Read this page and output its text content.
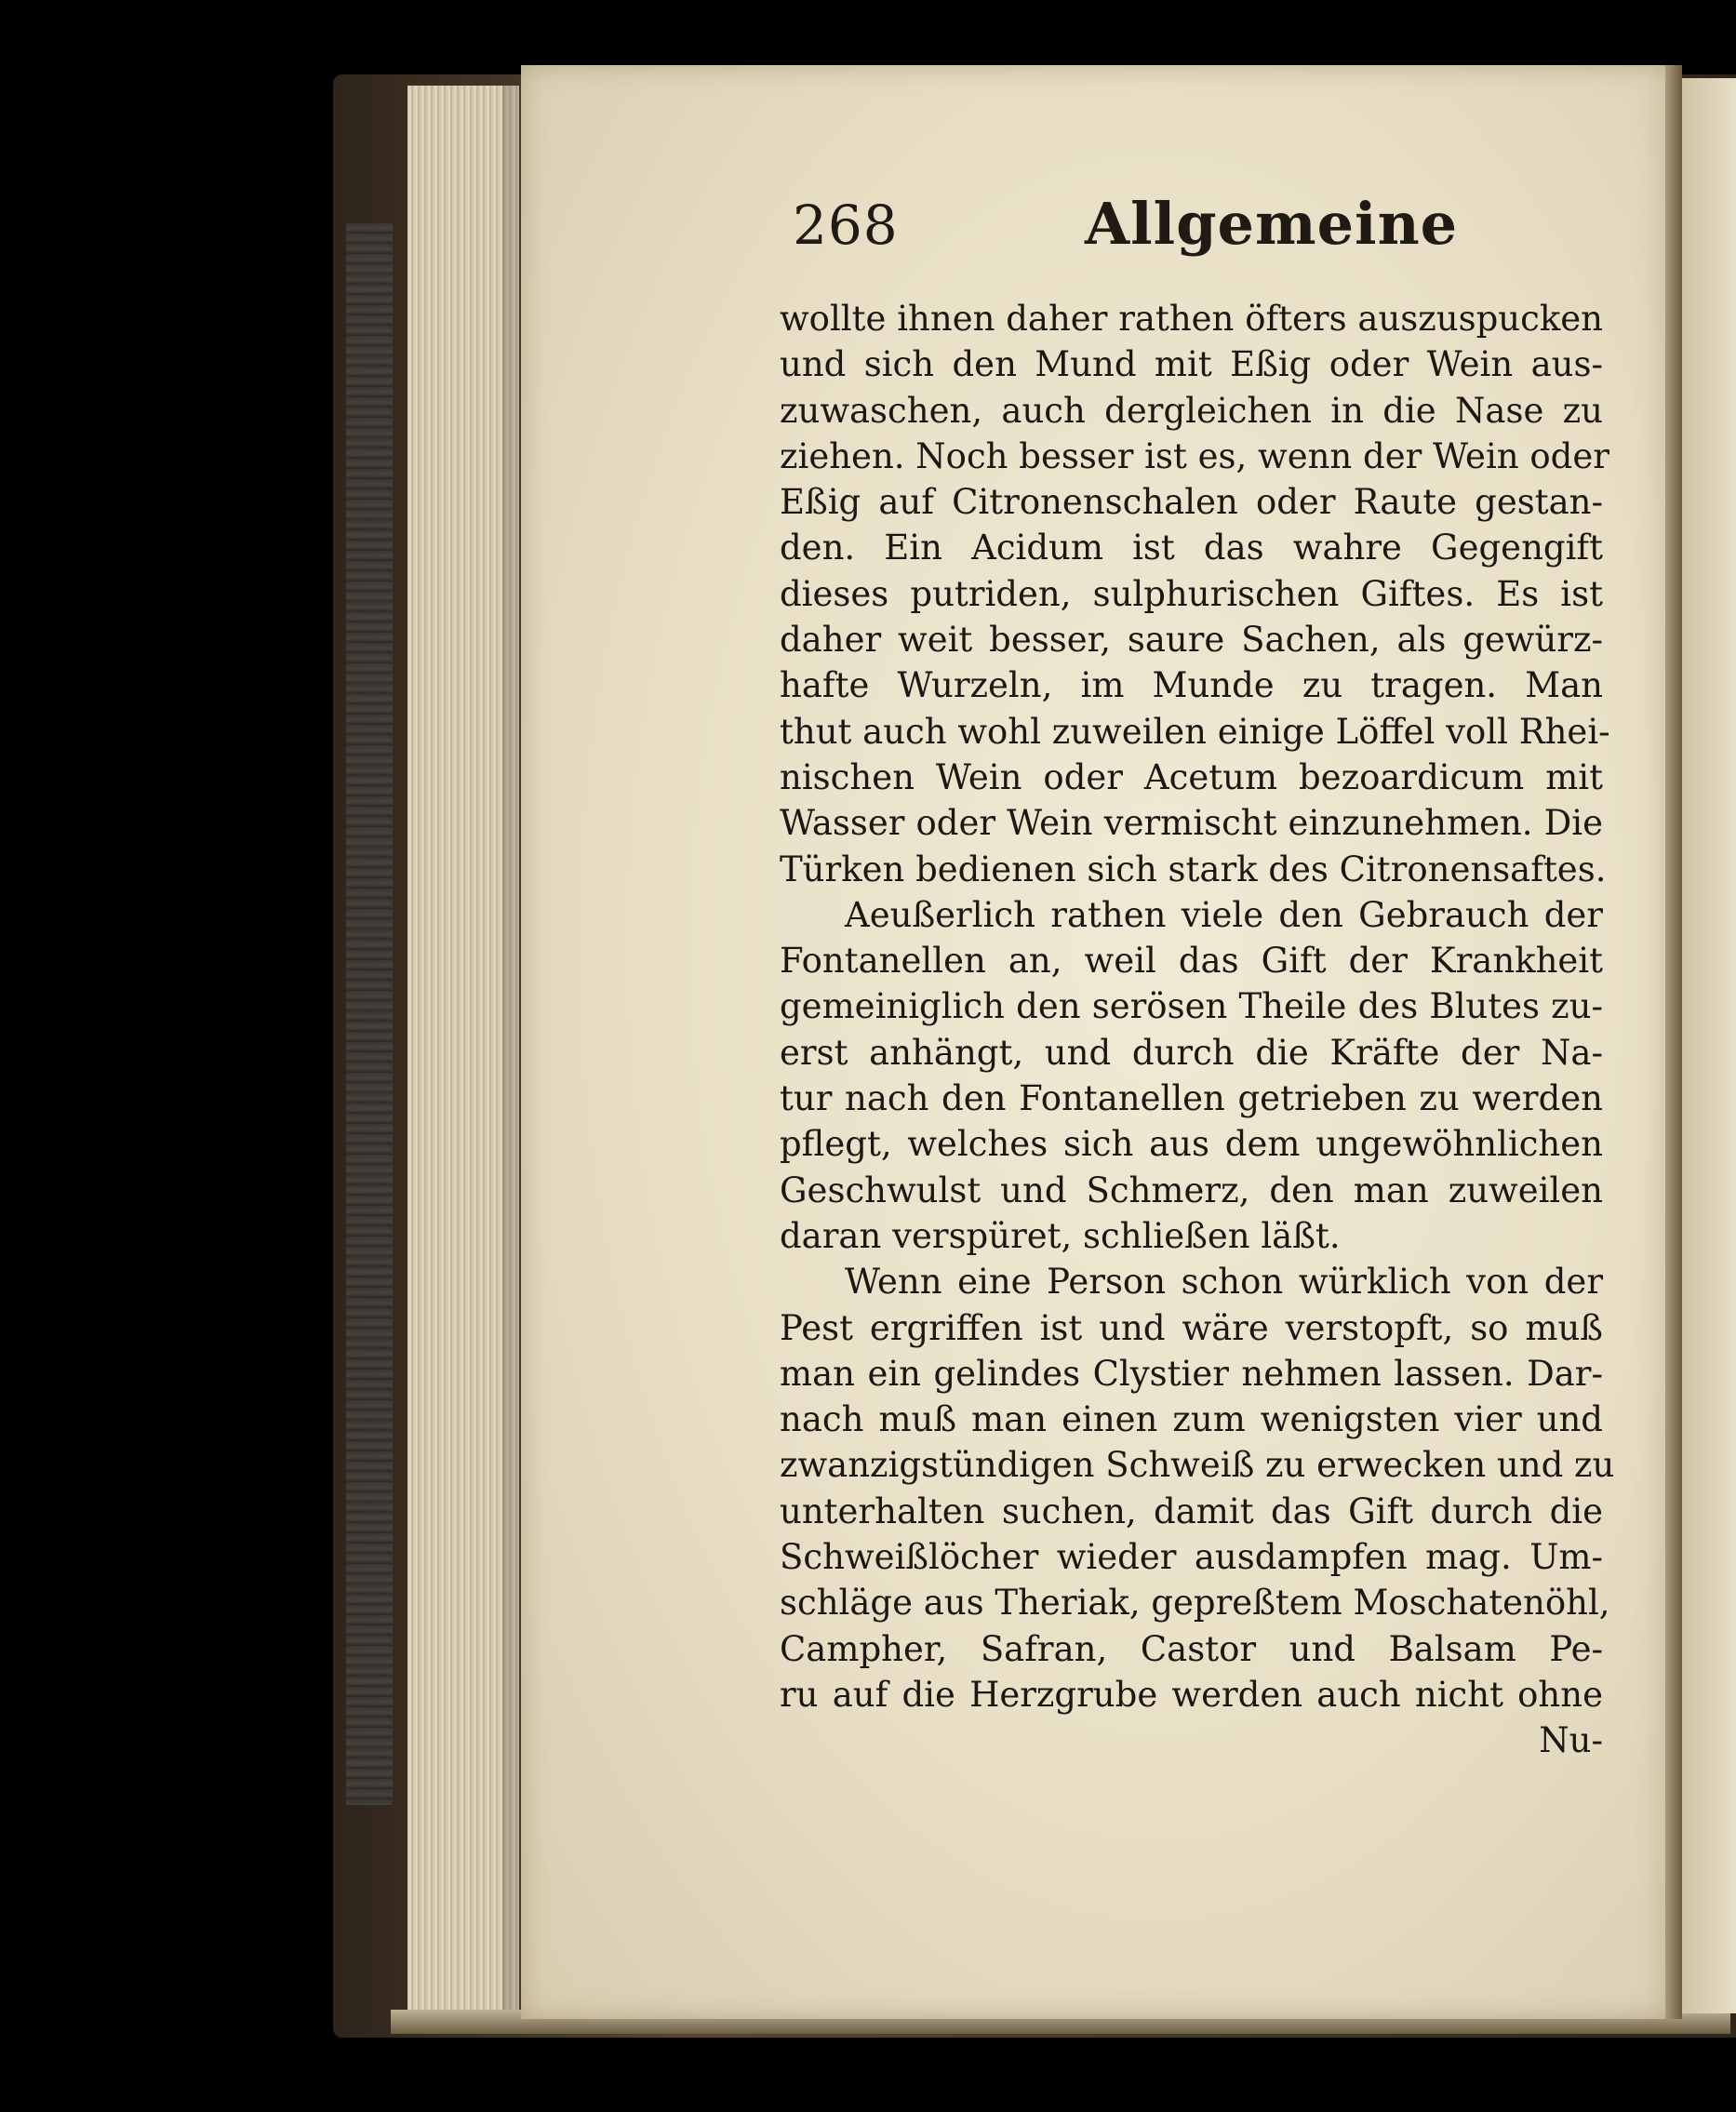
268	Allgemeine
wollte ihnen daher rathen öfters auszuspucken
und sich den Mund mit Eßig oder Wein aus-
zuwaschen, auch dergleichen in die Nase zu
ziehen. Noch besser ist es, wenn der Wein oder
Eßig auf Citronenschalen oder Raute gestan-
den. Ein Acidum ist das wahre Gegengift
dieses putriden, sulphurischen Giftes. Es ist
daher weit besser, saure Sachen, als gewürz-
hafte Wurzeln, im Munde zu tragen. Man
thut auch wohl zuweilen einige Löffel voll Rhei-
nischen Wein oder Acetum bezoardicum mit
Wasser oder Wein vermischt einzunehmen. Die
Türken bedienen sich stark des Citronensaftes.
Aeußerlich rathen viele den Gebrauch der
Fontanellen an, weil das Gift der Krankheit
gemeiniglich den serösen Theile des Blutes zu-
erst anhängt, und durch die Kräfte der Na-
tur nach den Fontanellen getrieben zu werden
pflegt, welches sich aus dem ungewöhnlichen
Geschwulst und Schmerz, den man zuweilen
daran verspüret, schließen läßt.
Wenn eine Person schon würklich von der
Pest ergriffen ist und wäre verstopft, so muß
man ein gelindes Clystier nehmen lassen. Dar-
nach muß man einen zum wenigsten vier und
zwanzigstündigen Schweiß zu erwecken und zu
unterhalten suchen, damit das Gift durch die
Schweißlöcher wieder ausdampfen mag. Um-
schläge aus Theriak, gepreßtem Moschatenöhl,
Campher, Safran, Castor und Balsam Pe-
ru auf die Herzgrube werden auch nicht ohne
Nu-
